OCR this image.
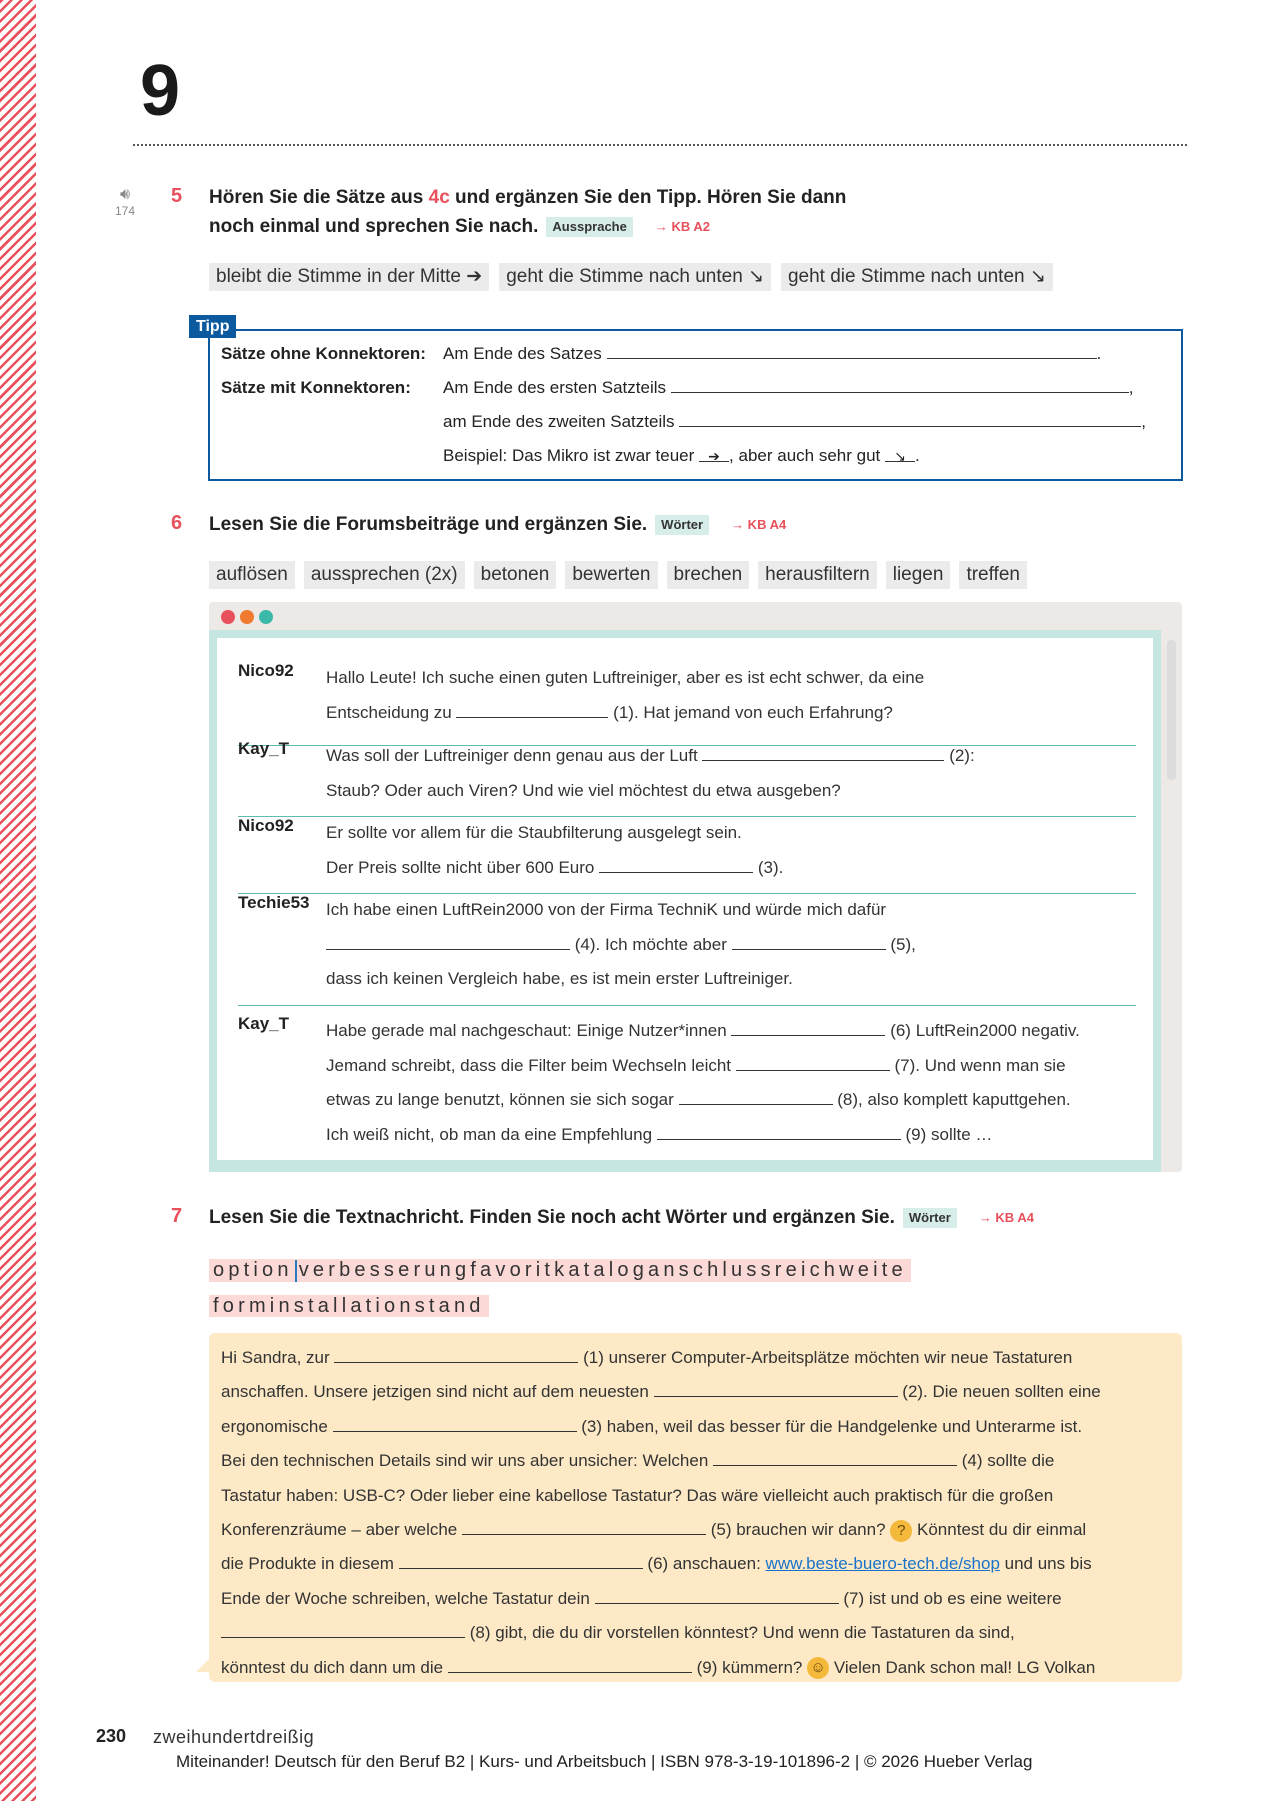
9
🔊︎
174
5 Hören Sie die Sätze aus 4c und ergänzen Sie den Tipp. Hören Sie dann
noch einmal und sprechen Sie nach. Aussprache → KB A2
bleibt die Stimme in der Mitte ➔	geht die Stimme nach unten ↘	geht die Stimme nach unten ↘
Tipp
Sätze ohne Konnektoren: Am Ende des Satzes	.
Sätze mit Konnektoren: Am Ende des ersten Satzteils	,
am Ende des zweiten Satzteils	,
Beispiel: Das Mikro ist zwar teuer ➔ , aber auch sehr gut ↘ .
6 Lesen Sie die Forumsbeiträge und ergänzen Sie. Wörter → KB A4
auflösen	aussprechen (2x)	betonen	bewerten	brechen	herausfiltern	liegen	treffen
Nico92 Hallo Leute! Ich suche einen guten Luftreiniger, aber es ist echt schwer, da eine
Entscheidung zu	(1). Hat jemand von euch Erfahrung?
Kay_T Was soll der Luftreiniger denn genau aus der Luft	(2):
Staub? Oder auch Viren? Und wie viel möchtest du etwa ausgeben?
Nico92 Er sollte vor allem für die Staubfilterung ausgelegt sein.
Der Preis sollte nicht über 600 Euro	(3).
Techie53 Ich habe einen LuftRein2000 von der Firma TechniK und würde mich dafür
(4). Ich möchte aber	(5),
dass ich keinen Vergleich habe, es ist mein erster Luftreiniger.
Kay_T Habe gerade mal nachgeschaut: Einige Nutzer*innen	(6) LuftRein2000 negativ.
Jemand schreibt, dass die Filter beim Wechseln leicht	(7). Und wenn man sie
etwas zu lange benutzt, können sie sich sogar	(8), also komplett kaputtgehen.
Ich weiß nicht, ob man da eine Empfehlung	(9) sollte …
7 Lesen Sie die Textnachricht. Finden Sie noch acht Wörter und ergänzen Sie. Wörter → KB A4
option verbesserungfavoritkataloganschlussreichweite
forminstallationstand
Hi Sandra, zur	(1) unserer Computer-Arbeitsplätze möchten wir neue Tastaturen
anschaffen. Unsere jetzigen sind nicht auf dem neuesten	(2). Die neuen sollten eine
ergonomische	(3) haben, weil das besser für die Handgelenke und Unterarme ist.
Bei den technischen Details sind wir uns aber unsicher: Welchen	(4) sollte die
Tastatur haben: USB-C? Oder lieber eine kabellose Tastatur? Das wäre vielleicht auch praktisch für die großen
Konferenzräume – aber welche	(5) brauchen wir dann? ? Könntest du dir einmal
die Produkte in diesem	(6) anschauen: www.beste-buero-tech.de/shop und uns bis
Ende der Woche schreiben, welche Tastatur dein	(7) ist und ob es eine weitere
(8) gibt, die du dir vorstellen könntest? Und wenn die Tastaturen da sind,
könntest du dich dann um die	(9) kümmern? ☺ Vielen Dank schon mal! LG Volkan
230 zweihundertdreißig
Miteinander! Deutsch für den Beruf B2 | Kurs- und Arbeitsbuch | ISBN 978-3-19-101896-2 | © 2026 Hueber Verlag
